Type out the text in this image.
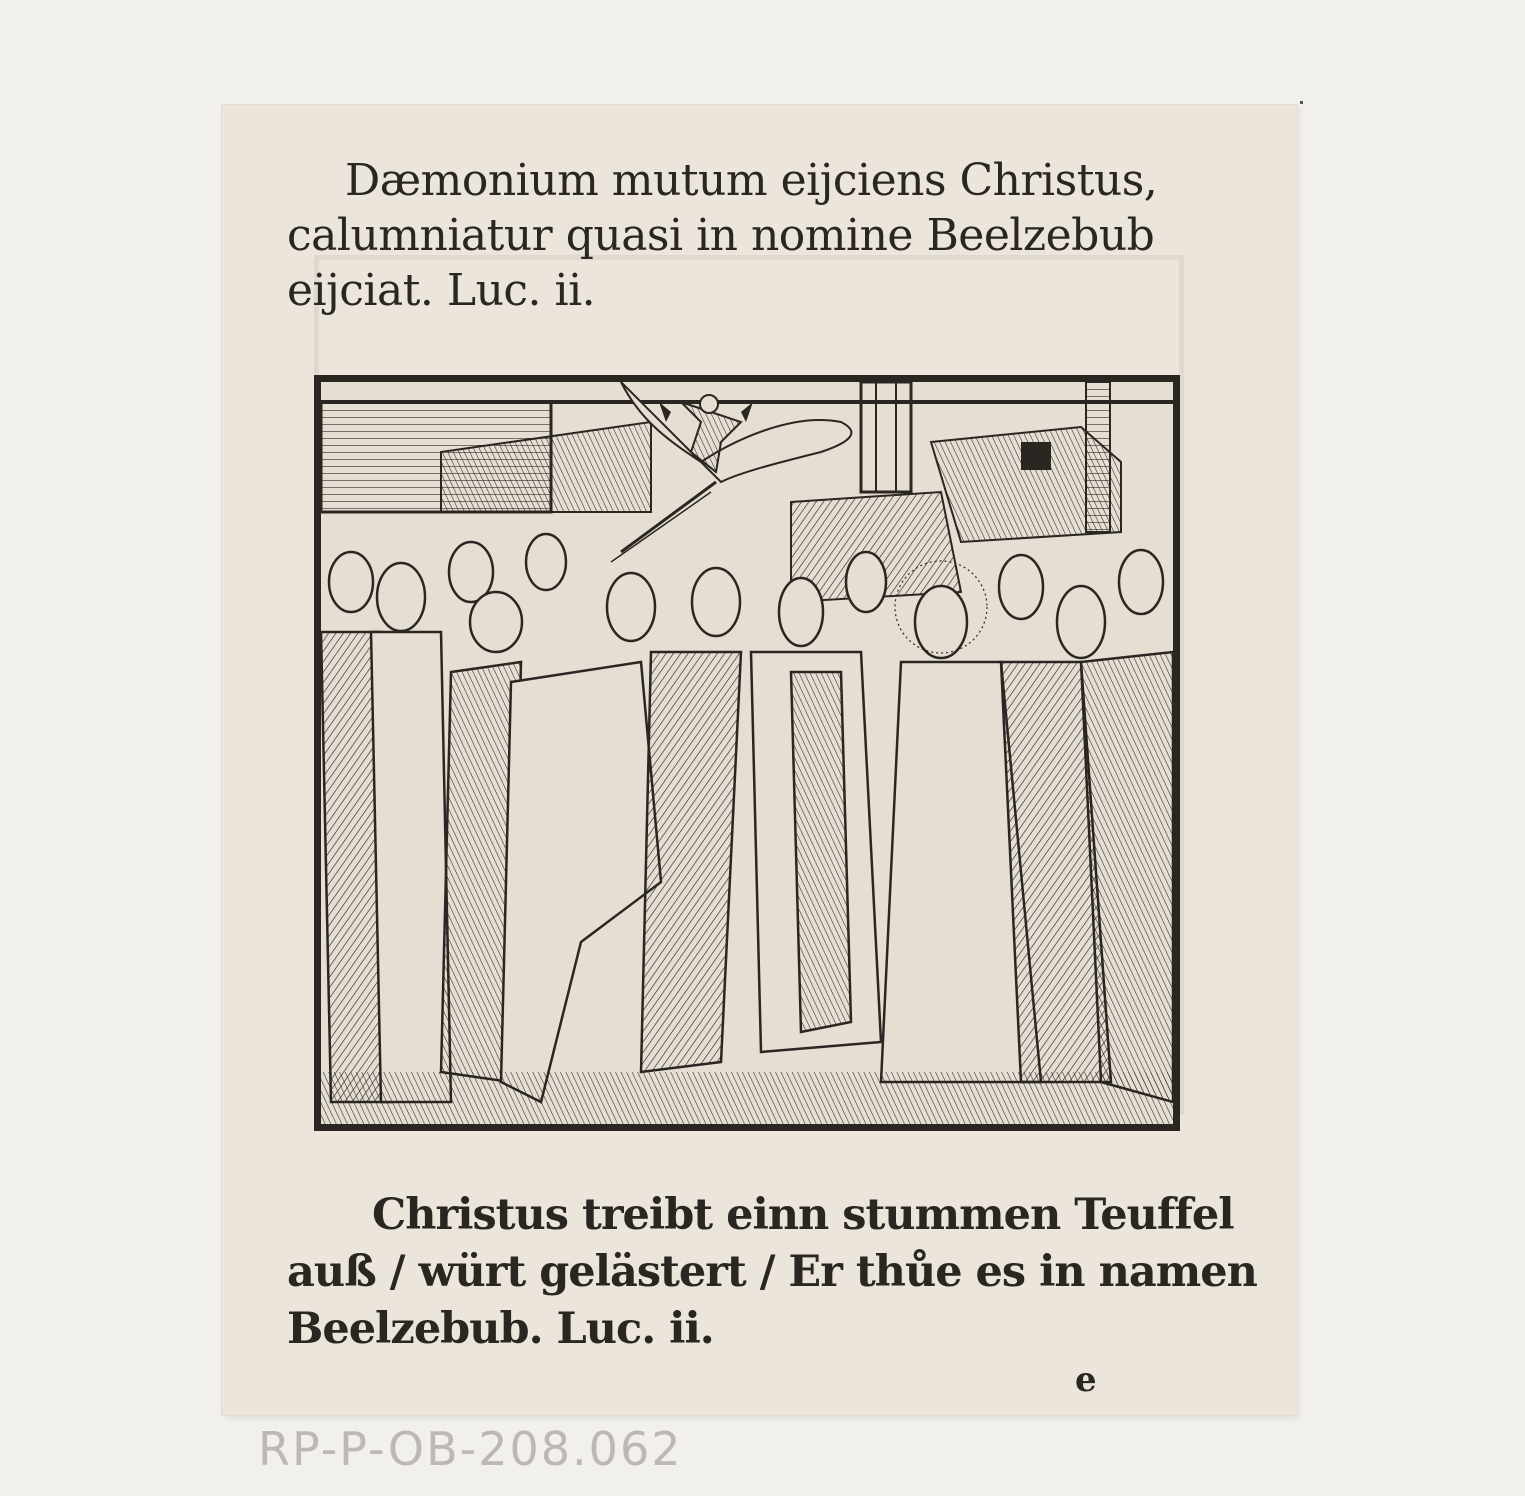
Dæmonium mutum eijciens Christus,
calumniatur quasi in nomine Beelzebub
eijciat. Luc. ii.
Christus treibt einn stummen Teuffel
auß / würt gelästert / Er thůe es in namen
Beelzebub. Luc. ii.
e
RP-P-OB-208.062
